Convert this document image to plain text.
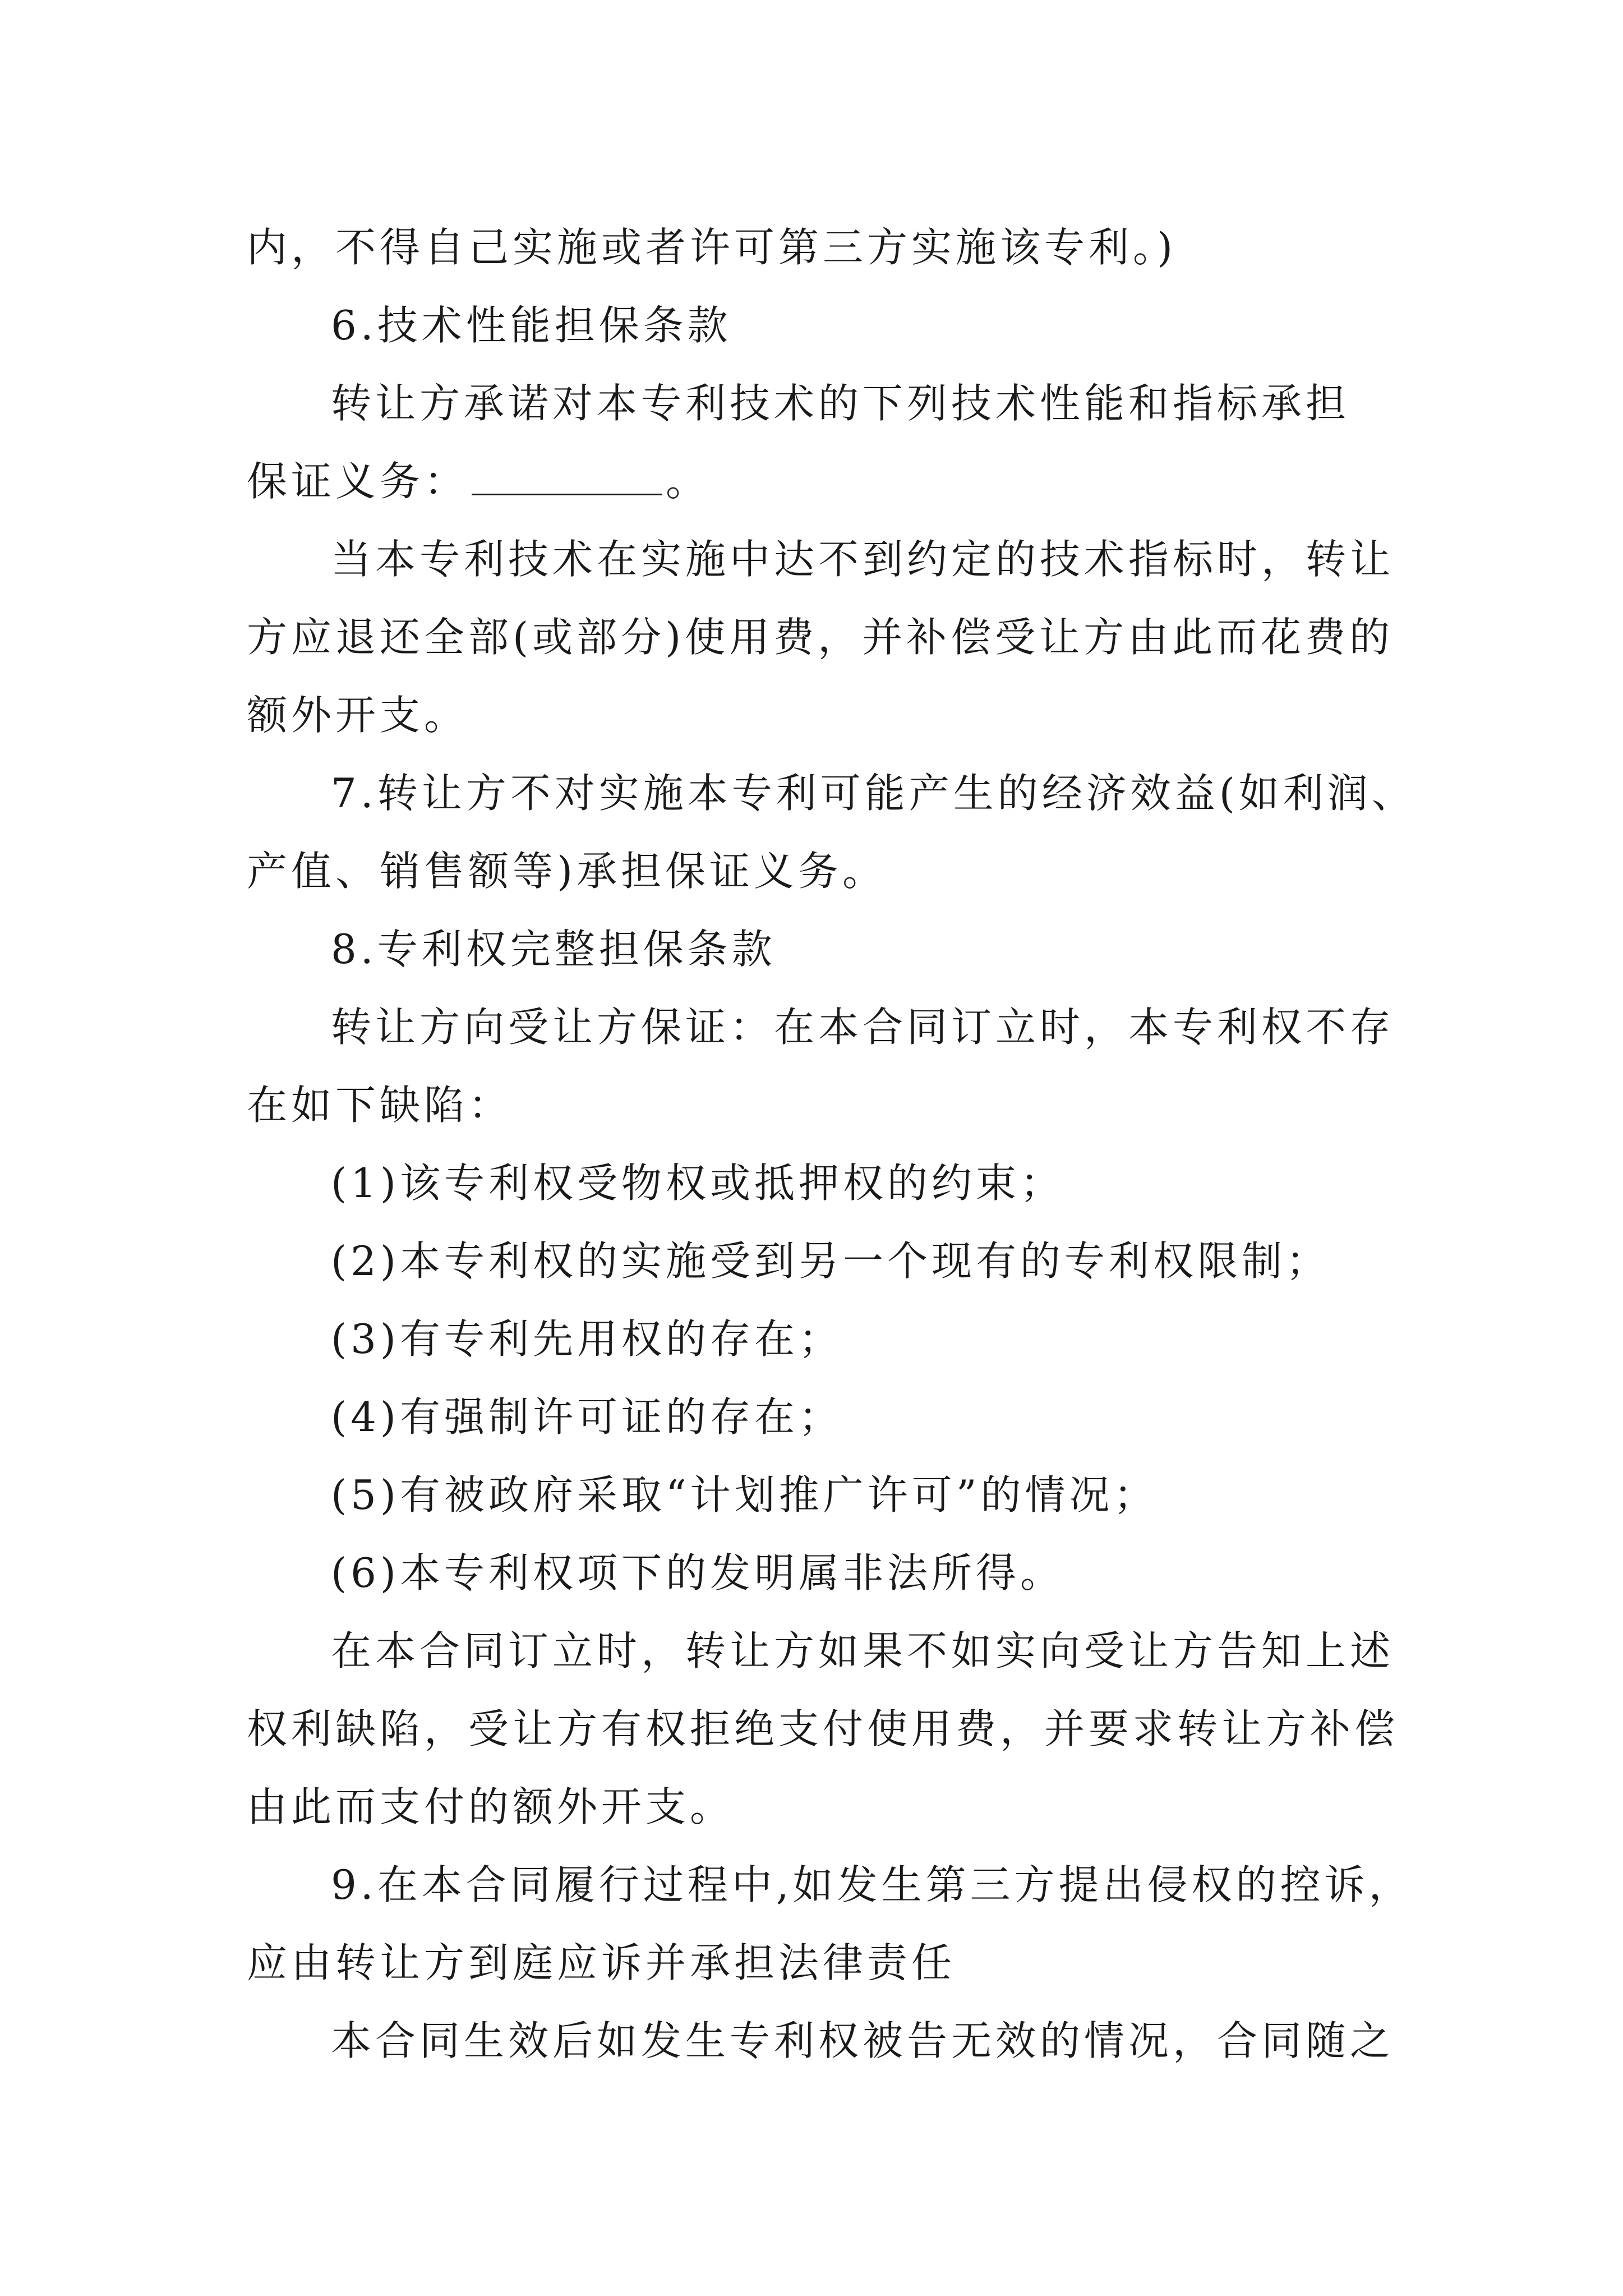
内，不得自己实施或者许可第三方实施该专利。)
6.技术性能担保条款
转让方承诺对本专利技术的下列技术性能和指标承担
保证义务：	。
当本专利技术在实施中达不到约定的技术指标时，转让
方应退还全部(或部分)使用费，并补偿受让方由此而花费的
额外开支。
7.转让方不对实施本专利可能产生的经济效益(如利润、
产值、销售额等)承担保证义务。
8.专利权完整担保条款
转让方向受让方保证：在本合同订立时，本专利权不存
在如下缺陷：
(1)该专利权受物权或抵押权的约束；
(2)本专利权的实施受到另一个现有的专利权限制；
(3)有专利先用权的存在；
(4)有强制许可证的存在；
(5)有被政府采取“计划推广许可”的情况；
(6)本专利权项下的发明属非法所得。
在本合同订立时，转让方如果不如实向受让方告知上述
权利缺陷，受让方有权拒绝支付使用费，并要求转让方补偿
由此而支付的额外开支。
9.在本合同履行过程中,如发生第三方提出侵权的控诉，
应由转让方到庭应诉并承担法律责任
本合同生效后如发生专利权被告无效的情况，合同随之
